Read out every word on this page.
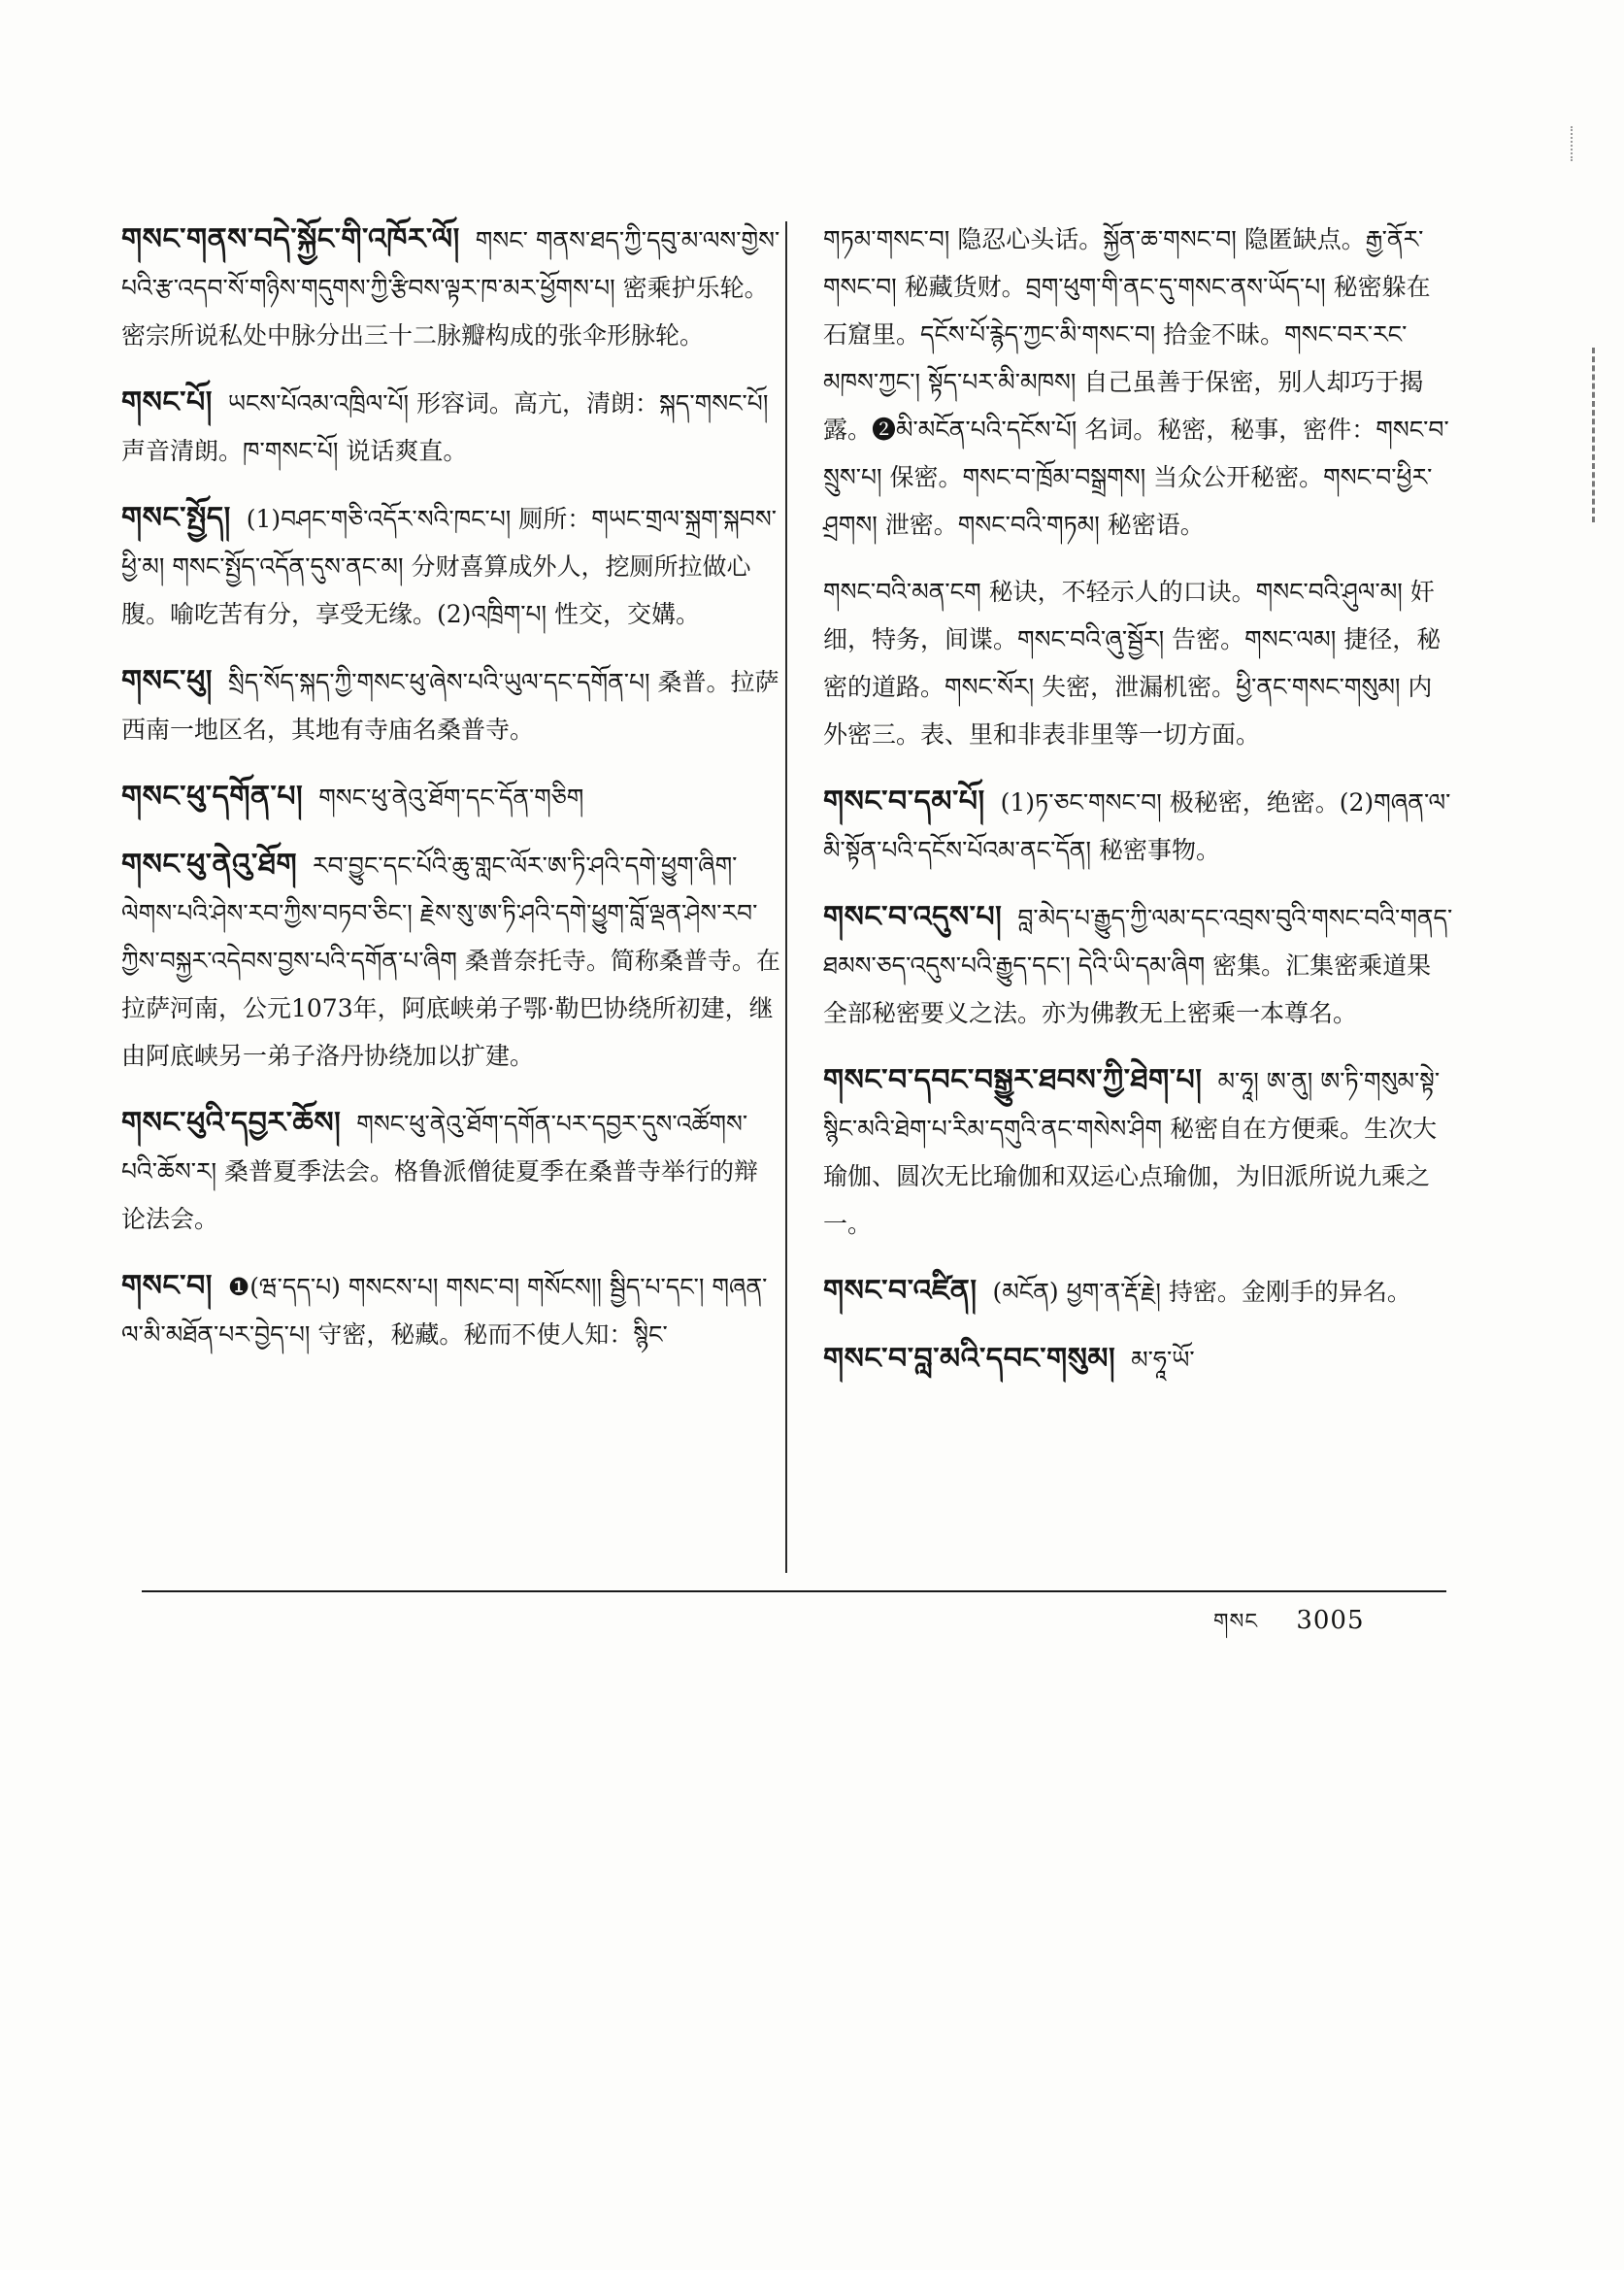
གསང་གནས་བདེ་སྐྱོང་གི་འཁོར་ལོ། གསང་ གནས་ཐད་ཀྱི་དབུ་མ་ལས་གྱེས་པའི་རྩ་འདབ་སོ་གཉིས་གདུགས་ཀྱི་རྩིབས་ལྟར་ཁ་མར་ཕྱོགས་པ། 密乘护乐轮。密宗所说私处中脉分出三十二脉瓣构成的张伞形脉轮。
གསང་པོ། ཡངས་པོའམ་འཁྲིལ་པོ། 形容词。高亢，清朗：སྐད་གསང་པོ། 声音清朗。ཁ་གསང་པོ། 说话爽直。
གསང་སྤྱོད། (1)བཤང་གཅི་འདོར་སའི་ཁང་པ། 厕所：གཡང་གྲལ་སྐྲག་སྐབས་ཕྱི་མ། གསང་སྤྱོད་འདོན་དུས་ནང་མ། 分财喜算成外人，挖厕所拉做心腹。喻吃苦有分，享受无缘。(2)འཁྲིག་པ། 性交，交媾。
གསང་ཕུ། སྲིད་སོད་སྐད་ཀྱི་གསང་ཕུ་ཞེས་པའི་ཡུལ་དང་དགོན་པ། 桑普。拉萨西南一地区名，其地有寺庙名桑普寺。
གསང་ཕུ་དགོན་པ། གསང་ཕུ་ནེའུ་ཐོག་དང་དོན་གཅིག
གསང་ཕུ་ནེའུ་ཐོག རབ་བྱུང་དང་པོའི་ཆུ་གླང་ལོར་ཨ་ཏི་ཤའི་དགེ་ཕྱུག་ཞིག་ལེགས་པའི་ཤེས་རབ་ཀྱིས་བཏབ་ཅིང་། རྗེས་སུ་ཨ་ཏི་ཤའི་དགེ་ཕྱུག་བློ་ལྡན་ཤེས་རབ་ཀྱིས་བསྐྱར་འདེབས་བྱས་པའི་དགོན་པ་ཞིག 桑普奈托寺。简称桑普寺。在拉萨河南，公元1073年，阿底峡弟子鄂·勒巴协绕所初建，继由阿底峡另一弟子洛丹协绕加以扩建。
གསང་ཕུའི་དབྱར་ཆོས། གསང་ཕུ་ནེའུ་ཐོག་དགོན་པར་དབྱར་དུས་འཚོགས་པའི་ཆོས་ར། 桑普夏季法会。格鲁派僧徒夏季在桑普寺举行的辩论法会。
གསང་བ། ❶(ཝ་དད་པ) གསངས་པ། གསང་བ། གསོངས།། སྦྱིད་པ་དང་། གཞན་ལ་མི་མཐོན་པར་བྱེད་པ། 守密，秘藏。秘而不使人知：སྙིང་
གཏམ་གསང་བ། 隐忍心头话。སྐྱོན་ཆ་གསང་བ། 隐匿缺点。རྒྱ་ནོར་གསང་བ། 秘藏货财。བྲག་ཕུག་གི་ནང་དུ་གསང་ནས་ཡོད་པ། 秘密躲在石窟里。དངོས་པོ་རྙེད་ཀྱང་མི་གསང་བ། 拾金不昧。གསང་བར་རང་མཁས་ཀྱང་། སྟོད་པར་མི་མཁས། 自己虽善于保密，别人却巧于揭露。❷མི་མངོན་པའི་དངོས་པོ། 名词。秘密，秘事，密件：གསང་བ་སྲུས་པ། 保密。གསང་བ་ཁྲོམ་བསྒྲགས། 当众公开秘密。གསང་བ་ཕྱིར་ཤྲགས། 泄密。གསང་བའི་གཏམ། 秘密语。
གསང་བའི་མན་ངག 秘诀，不轻示人的口诀。གསང་བའི་ཤུལ་མ། 奸细，特务，间谍。གསང་བའི་ཞུ་སྦྱོར། 告密。གསང་ལམ། 捷径，秘密的道路。གསང་སོར། 失密，泄漏机密。ཕྱི་ནང་གསང་གསུམ། 内外密三。表、里和非表非里等一切方面。
གསང་བ་དམ་པོ། (1)ཏ་ཅང་གསང་བ། 极秘密，绝密。(2)གཞན་ལ་མི་སྟོན་པའི་དངོས་པོའམ་ནང་དོན། 秘密事物。
གསང་བ་འདུས་པ། བླ་མེད་པ་རྒྱུད་ཀྱི་ལམ་དང་འབྲས་བུའི་གསང་བའི་གནད་ཐམས་ཅད་འདུས་པའི་རྒྱུད་དང་། དེའི་ཡི་དམ་ཞིག 密集。汇集密乘道果全部秘密要义之法。亦为佛教无上密乘一本尊名。
གསང་བ་དབང་བསྒྱུར་ཐབས་ཀྱི་ཐེག་པ། མ་ཧཱ། ཨ་ནུ། ཨ་ཏི་གསུམ་སྟེ་སྙིང་མའི་ཐེག་པ་རིམ་དགུའི་ནང་གསེས་ཤིག 秘密自在方便乘。生次大瑜伽、圆次无比瑜伽和双运心点瑜伽，为旧派所说九乘之一。
གསང་བ་འཛིན། (མངོན) ཕྱག་ན་རྡོ་རྗེ། 持密。金刚手的异名。
གསང་བ་བླ་མའི་དབང་གསུམ། མ་ཧཱ་ཡོ་
གསང 3005
